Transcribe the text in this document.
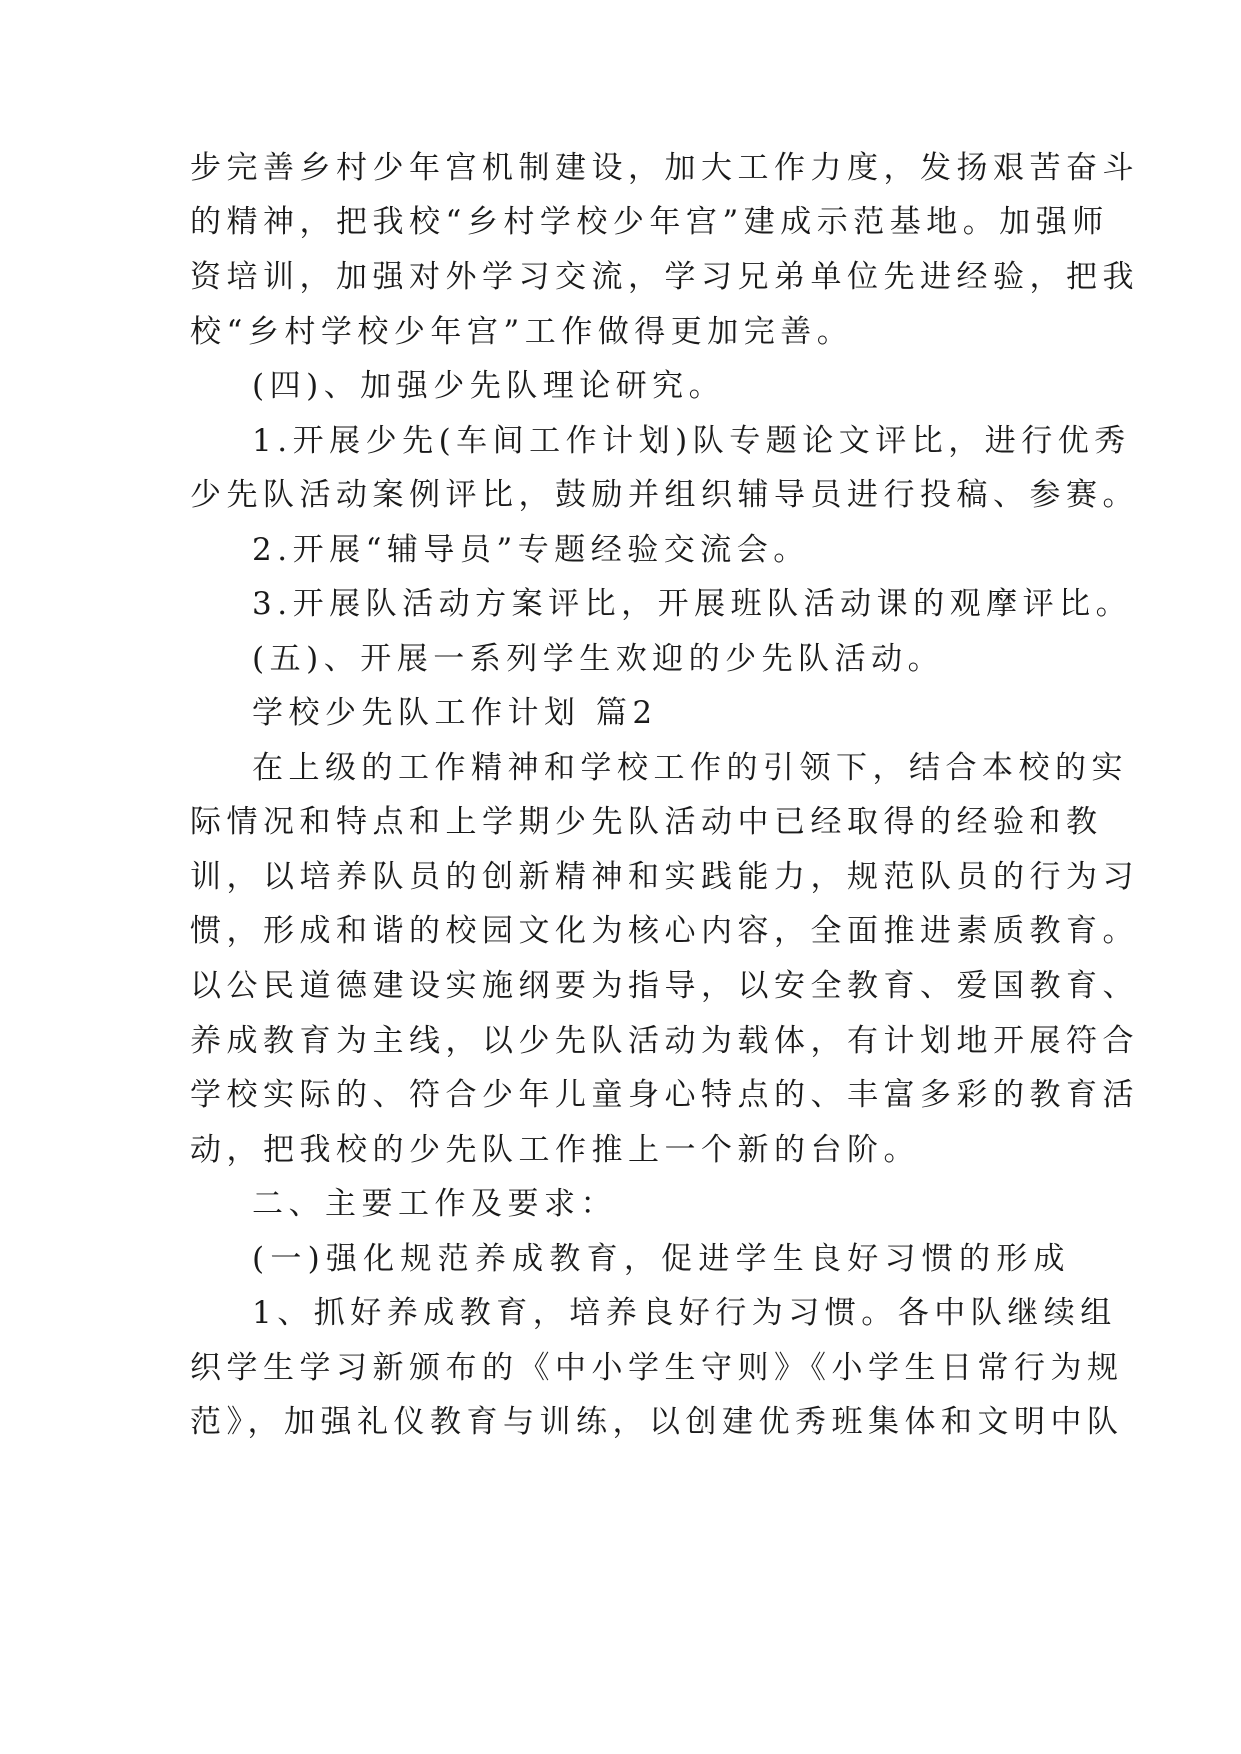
步完善乡村少年宫机制建设，加大工作力度，发扬艰苦奋斗
的精神，把我校“乡村学校少年宫”建成示范基地。加强师
资培训，加强对外学习交流，学习兄弟单位先进经验，把我
校“乡村学校少年宫”工作做得更加完善。
(四)、加强少先队理论研究。
1.开展少先(车间工作计划)队专题论文评比，进行优秀
少先队活动案例评比，鼓励并组织辅导员进行投稿、参赛。
2.开展“辅导员”专题经验交流会。
3.开展队活动方案评比，开展班队活动课的观摩评比。
(五)、开展一系列学生欢迎的少先队活动。
学校少先队工作计划 篇2
在上级的工作精神和学校工作的引领下，结合本校的实
际情况和特点和上学期少先队活动中已经取得的经验和教
训，以培养队员的创新精神和实践能力，规范队员的行为习
惯，形成和谐的校园文化为核心内容，全面推进素质教育。
以公民道德建设实施纲要为指导，以安全教育、爱国教育、
养成教育为主线，以少先队活动为载体，有计划地开展符合
学校实际的、符合少年儿童身心特点的、丰富多彩的教育活
动，把我校的少先队工作推上一个新的台阶。
二、主要工作及要求：
(一)强化规范养成教育，促进学生良好习惯的形成
1、抓好养成教育，培养良好行为习惯。各中队继续组
织学生学习新颁布的《中小学生守则》《小学生日常行为规
范》，加强礼仪教育与训练，以创建优秀班集体和文明中队
